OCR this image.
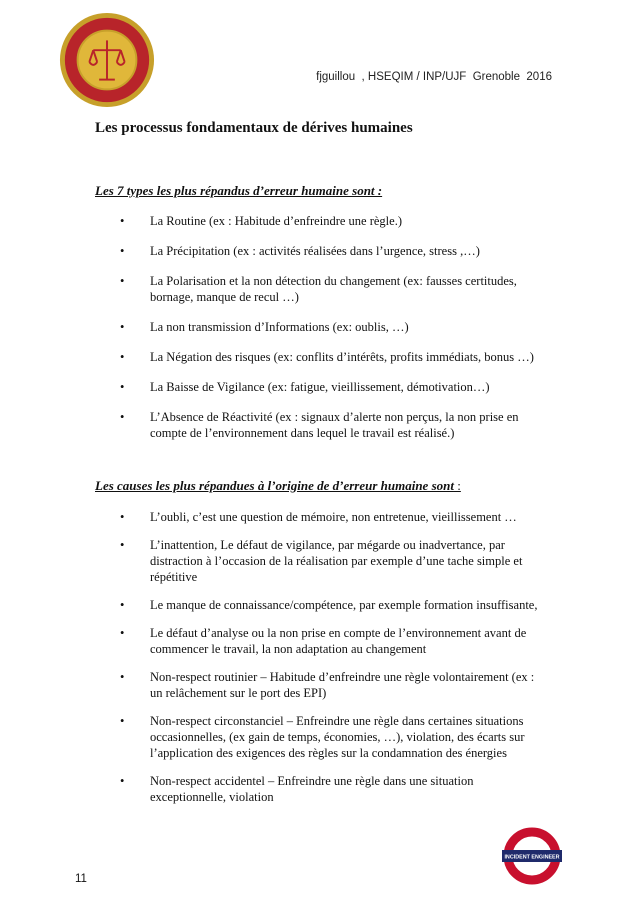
fjguillou  , HSEQIM / INP/UJF  Grenoble  2016
Les processus fondamentaux de dérives humaines
Les 7 types les plus répandus d’erreur humaine sont :
• La Routine (ex : Habitude d’enfreindre une règle.)
• La Précipitation (ex : activités réalisées dans l’urgence, stress ,…)
• La Polarisation et la non détection du changement (ex: fausses certitudes,
bornage, manque de recul …)
• La non transmission d’Informations (ex: oublis, …)
• La Négation des risques (ex: conflits d’intérêts, profits immédiats, bonus …)
• La Baisse de Vigilance (ex: fatigue, vieillissement, démotivation…)
• L’Absence de Réactivité (ex : signaux d’alerte non perçus, la non prise en
compte de l’environnement dans lequel le travail est réalisé.)
Les causes les plus répandues à l’origine de d’erreur humaine sont :
• L’oubli, c’est une question de mémoire, non entretenue, vieillissement …
• L’inattention, Le défaut de vigilance, par mégarde ou inadvertance, par
distraction à l’occasion de la réalisation par exemple d’une tache simple et
répétitive
• Le manque de connaissance/compétence, par exemple formation insuffisante,
• Le défaut d’analyse ou la non prise en compte de l’environnement avant de
commencer le travail, la non adaptation au changement
• Non-respect routinier – Habitude d’enfreindre une règle volontairement (ex :
un relâchement sur le port des EPI)
• Non-respect circonstanciel – Enfreindre une règle dans certaines situations
occasionnelles, (ex gain de temps, économies, …), violation, des écarts sur
l’application des exigences des règles sur la condamnation des énergies
• Non-respect accidentel – Enfreindre une règle dans une situation
exceptionnelle, violation
INCIDENT ENGINEER
11
